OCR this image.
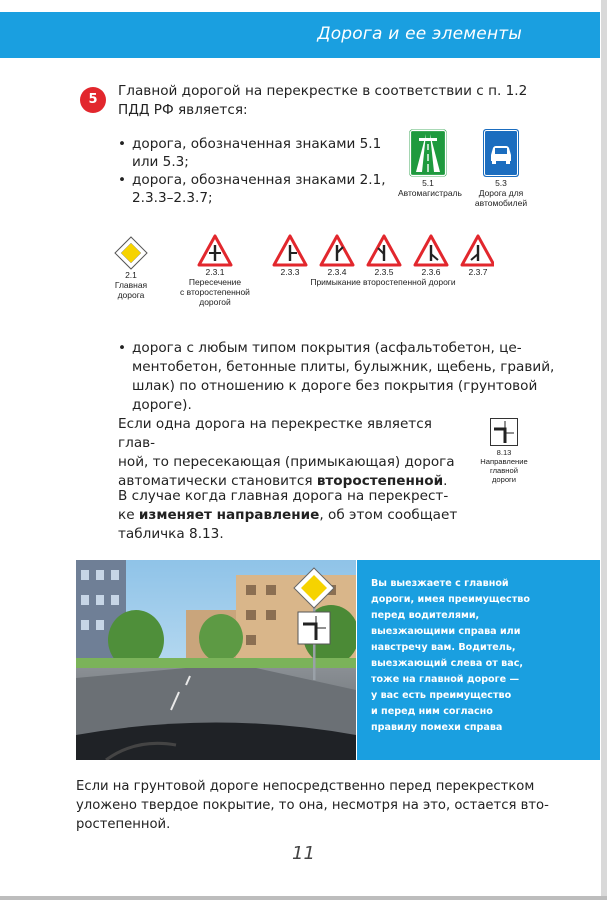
Дорога и ее элементы
5
Главной дорогой на перекрестке в соответствии с п. 1.2 ПДД РФ является:
• дорога, обозначенная знаками 5.1 или 5.3;
• дорога, обозначенная знаками 2.1, 2.3.3–2.3.7;
5.1
Автомагистраль
5.3
Дорога для автомобилей
2.1
Главная
дорога
2.3.1
Пересечение
с второстепенной
дорогой
2.3.3	2.3.4	2.3.5	2.3.6	2.3.7
Примыкание второстепенной дороги
• дорога с любым типом покрытия (асфальтобетон, це-
ментобетон, бетонные плиты, булыжник, щебень, гравий,
шлак) по отношению к дороге без покрытия (грунтовой
дороге).
Если одна дорога на перекрестке является глав-
ной, то пересекающая (примыкающая) дорога
автоматически становится второстепенной.
8.13
Направление
главной
дороги
В случае когда главная дорога на перекрест-
ке изменяет направление, об этом сообщает
табличка 8.13.
Вы выезжаете с главной
дороги, имея преимущество
перед водителями,
выезжающими справа или
навстречу вам. Водитель,
выезжающий слева от вас,
тоже на главной дороге —
у вас есть преимущество
и перед ним согласно
правилу помехи справа
Если на грунтовой дороге непосредственно перед перекрестком
уложено твердое покрытие, то она, несмотря на это, остается вто-
ростепенной.
11
